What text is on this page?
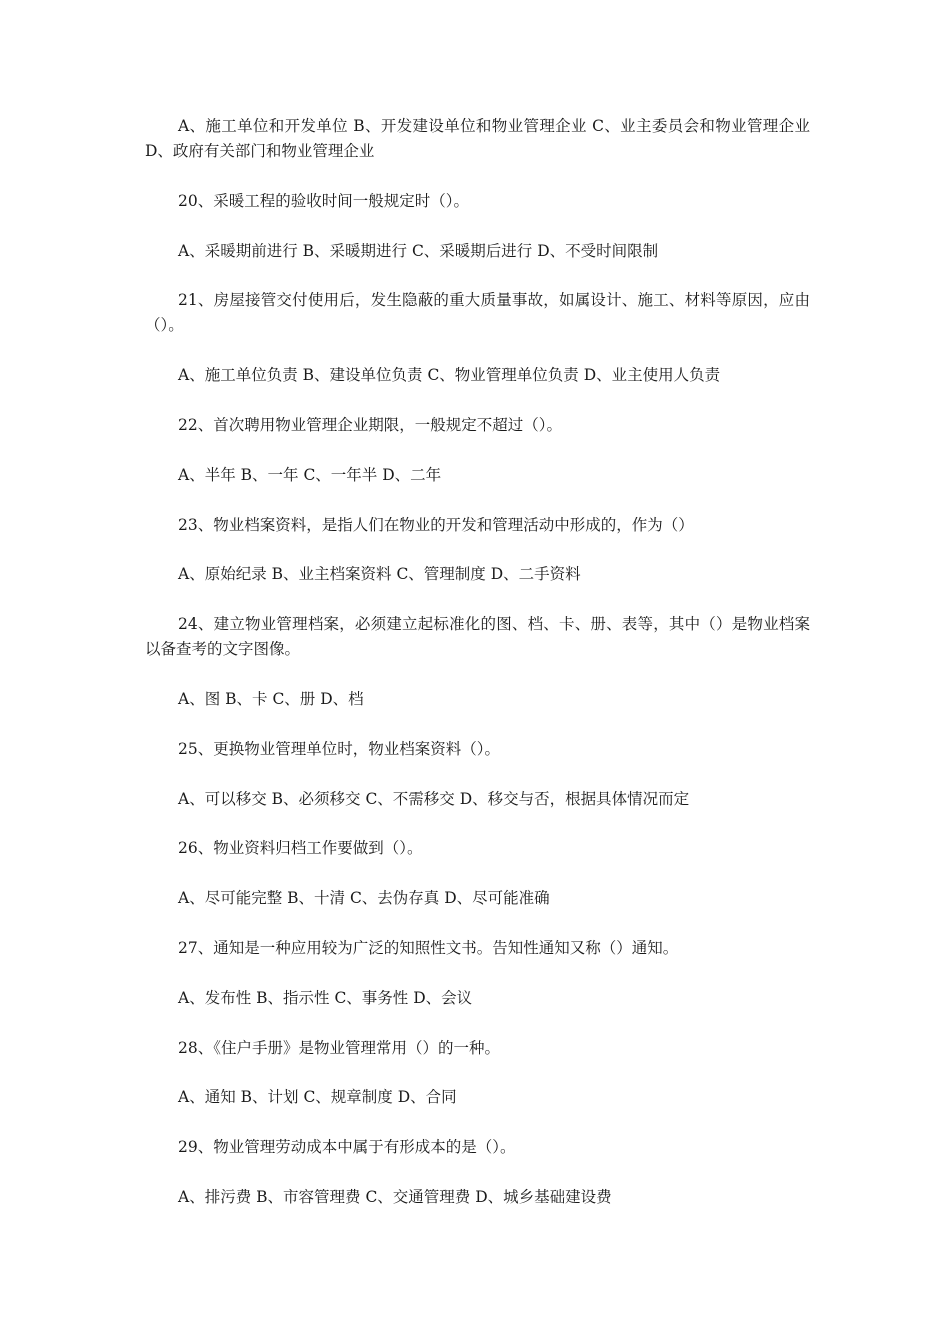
A、施工单位和开发单位 B、开发建设单位和物业管理企业 C、业主委员会和物业管理企业 D、政府有关部门和物业管理企业

20、采暖工程的验收时间一般规定时（）。

A、采暖期前进行 B、采暖期进行 C、采暖期后进行 D、不受时间限制

21、房屋接管交付使用后，发生隐蔽的重大质量事故，如属设计、施工、材料等原因，应由（）。

A、施工单位负责 B、建设单位负责 C、物业管理单位负责 D、业主使用人负责

22、首次聘用物业管理企业期限，一般规定不超过（）。

A、半年 B、一年 C、一年半 D、二年

23、物业档案资料，是指人们在物业的开发和管理活动中形成的，作为（）

A、原始纪录 B、业主档案资料 C、管理制度 D、二手资料

24、建立物业管理档案，必须建立起标准化的图、档、卡、册、表等，其中（）是物业档案以备查考的文字图像。

A、图 B、卡 C、册 D、档

25、更换物业管理单位时，物业档案资料（）。

A、可以移交 B、必须移交 C、不需移交 D、移交与否，根据具体情况而定

26、物业资料归档工作要做到（）。

A、尽可能完整 B、十清 C、去伪存真 D、尽可能准确

27、通知是一种应用较为广泛的知照性文书。告知性通知又称（）通知。

A、发布性 B、指示性 C、事务性 D、会议

28、《住户手册》是物业管理常用（）的一种。

A、通知 B、计划 C、规章制度 D、合同

29、物业管理劳动成本中属于有形成本的是（）。

A、排污费 B、市容管理费 C、交通管理费 D、城乡基础建设费
